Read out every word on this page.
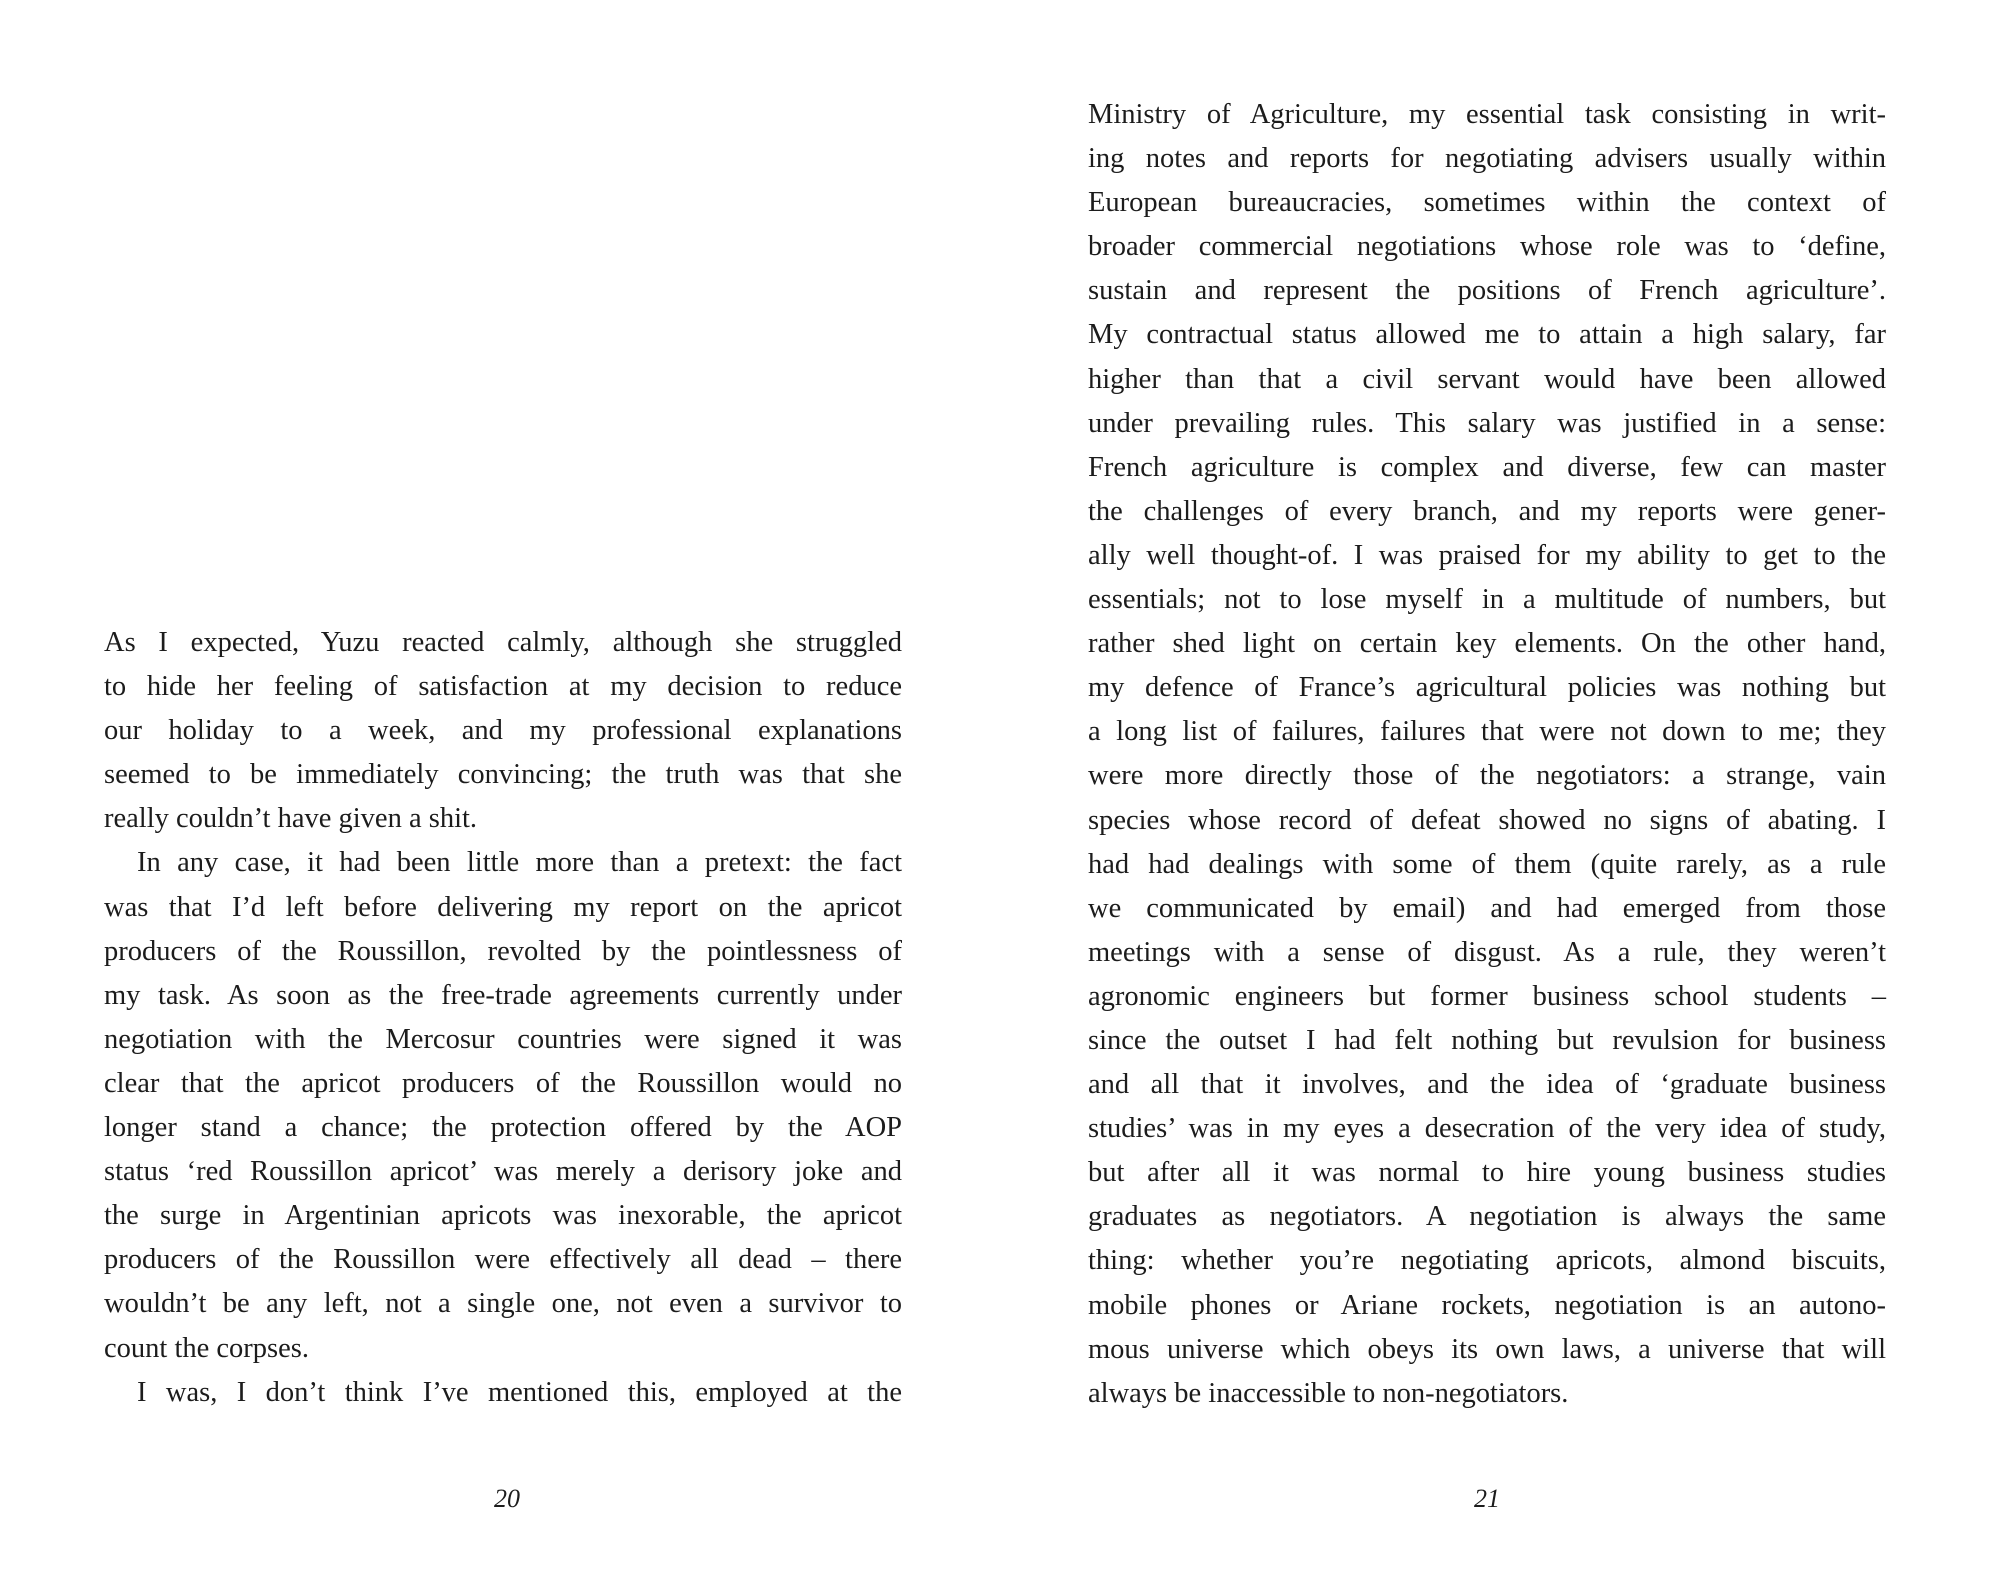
As I expected, Yuzu reacted calmly, although she struggled
to hide her feeling of satisfaction at my decision to reduce
our holiday to a week, and my professional explanations
seemed to be immediately convincing; the truth was that she
really couldn’t have given a shit.
In any case, it had been little more than a pretext: the fact
was that I’d left before delivering my report on the apricot
producers of the Roussillon, revolted by the pointlessness of
my task. As soon as the free-trade agreements currently under
negotiation with the Mercosur countries were signed it was
clear that the apricot producers of the Roussillon would no
longer stand a chance; the protection offered by the AOP
status ‘red Roussillon apricot’ was merely a derisory joke and
the surge in Argentinian apricots was inexorable, the apricot
producers of the Roussillon were effectively all dead – there
wouldn’t be any left, not a single one, not even a survivor to
count the corpses.
I was, I don’t think I’ve mentioned this, employed at the
20
Ministry of Agriculture, my essential task consisting in writ-
ing notes and reports for negotiating advisers usually within
European bureaucracies, sometimes within the context of
broader commercial negotiations whose role was to ‘define,
sustain and represent the positions of French agriculture’.
My contractual status allowed me to attain a high salary, far
higher than that a civil servant would have been allowed
under prevailing rules. This salary was justified in a sense:
French agriculture is complex and diverse, few can master
the challenges of every branch, and my reports were gener-
ally well thought-of. I was praised for my ability to get to the
essentials; not to lose myself in a multitude of numbers, but
rather shed light on certain key elements. On the other hand,
my defence of France’s agricultural policies was nothing but
a long list of failures, failures that were not down to me; they
were more directly those of the negotiators: a strange, vain
species whose record of defeat showed no signs of abating. I
had had dealings with some of them (quite rarely, as a rule
we communicated by email) and had emerged from those
meetings with a sense of disgust. As a rule, they weren’t
agronomic engineers but former business school students –
since the outset I had felt nothing but revulsion for business
and all that it involves, and the idea of ‘graduate business
studies’ was in my eyes a desecration of the very idea of study,
but after all it was normal to hire young business studies
graduates as negotiators. A negotiation is always the same
thing: whether you’re negotiating apricots, almond biscuits,
mobile phones or Ariane rockets, negotiation is an autono-
mous universe which obeys its own laws, a universe that will
always be inaccessible to non-negotiators.
21
